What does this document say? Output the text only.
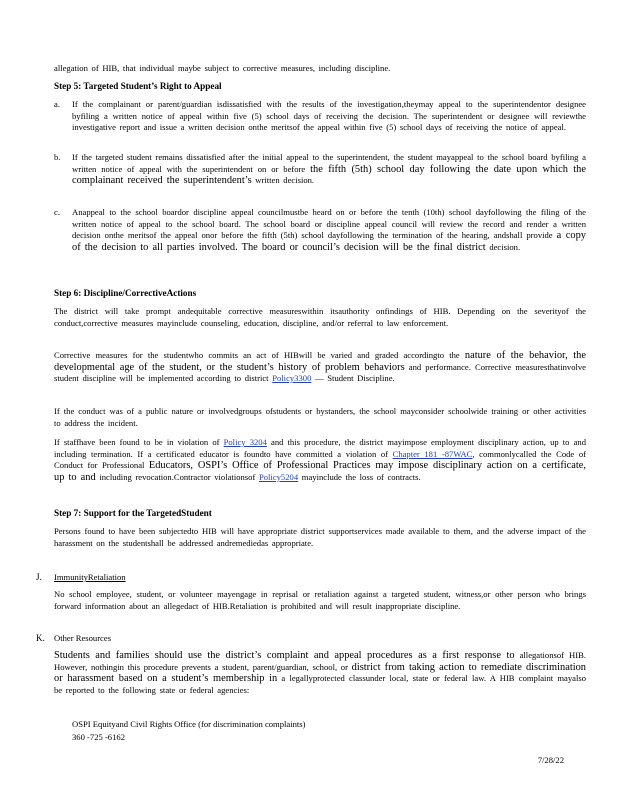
allegation of HIB, that individual maybe subject to corrective measures, including discipline.
Step 5: Targeted Student’s Right to Appeal
a. If the complainant or parent/guardian isdissatisfied with the results of the investigation,theymay appeal to the superintendentor designee byfiling a written notice of appeal within five (5) school days of receiving the decision. The superintendent or designee will reviewthe investigative report and issue a written decision onthe meritsof the appeal within five (5) school days of receiving the notice of appeal.
b. If the targeted student remains dissatisfied after the initial appeal to the superintendent, the student mayappeal to the school board byfiling a written notice of appeal with the superintendent on or before the fifth (5th) school day following the date upon which the complainant received the superintendent’s written decision.
c. Anappeal to the school boardor discipline appeal councilmustbe heard on or before the tenth (10th) school dayfollowing the filing of the written notice of appeal to the school board. The school board or discipline appeal council will review the record and render a written decision onthe meritsof the appeal onor before the fifth (5th) school dayfollowing the termination of the hearing, andshall provide a copy of the decision to all parties involved. The board or council’s decision will be the final district decision.
Step 6: Discipline/CorrectiveActions
The district will take prompt andequitable corrective measureswithin itsauthority onfindings of HIB. Depending on the severityof the conduct,corrective measures mayinclude counseling, education, discipline, and/or referral to law enforcement.
Corrective measures for the studentwho commits an act of HIBwill be varied and graded accordingto the nature of the behavior, the developmental age of the student, or the student’s history of problem behaviors and performance. Corrective measuresthatinvolve student discipline will be implemented according to district Policy3300 — Student Discipline.
If the conduct was of a public nature or involvedgroups ofstudents or bystanders, the school mayconsider schoolwide training or other activities to address the incident.
If staffhave been found to be in violation of Policy 3204 and this procedure, the district mayimpose employment disciplinary action, up to and including termination. If a certificated educator is foundto have committed a violation of Chapter 181 -87WAC, commonlycalled the Code of Conduct for Professional Educators, OSPI’s Office of Professional Practices may impose disciplinary action on a certificate, up to and including revocation.Contractor violationsof Policy5204 mayinclude the loss of contracts.
Step 7: Support for the TargetedStudent
Persons found to have been subjectedto HIB will have appropriate district supportservices made available to them, and the adverse impact of the harassment on the studentshall be addressed andremediedas appropriate.
J. ImmunityRetaliation
No school employee, student, or volunteer mayengage in reprisal or retaliation against a targeted student, witness,or other person who brings forward information about an allegedact of HIB.Retaliation is prohibited and will result inappropriate discipline.
K. Other Resources
Students and families should use the district’s complaint and appeal procedures as a first response to allegationsof HIB. However, nothingin this procedure prevents a student, parent/guardian, school, or district from taking action to remediate discrimination or harassment based on a student’s membership in a legallyprotected classunder local, state or federal law. A HIB complaint mayalso be reported to the following state or federal agencies:
OSPI Equityand Civil Rights Office (for discrimination complaints)
360 -725 -6162
7/28/22
